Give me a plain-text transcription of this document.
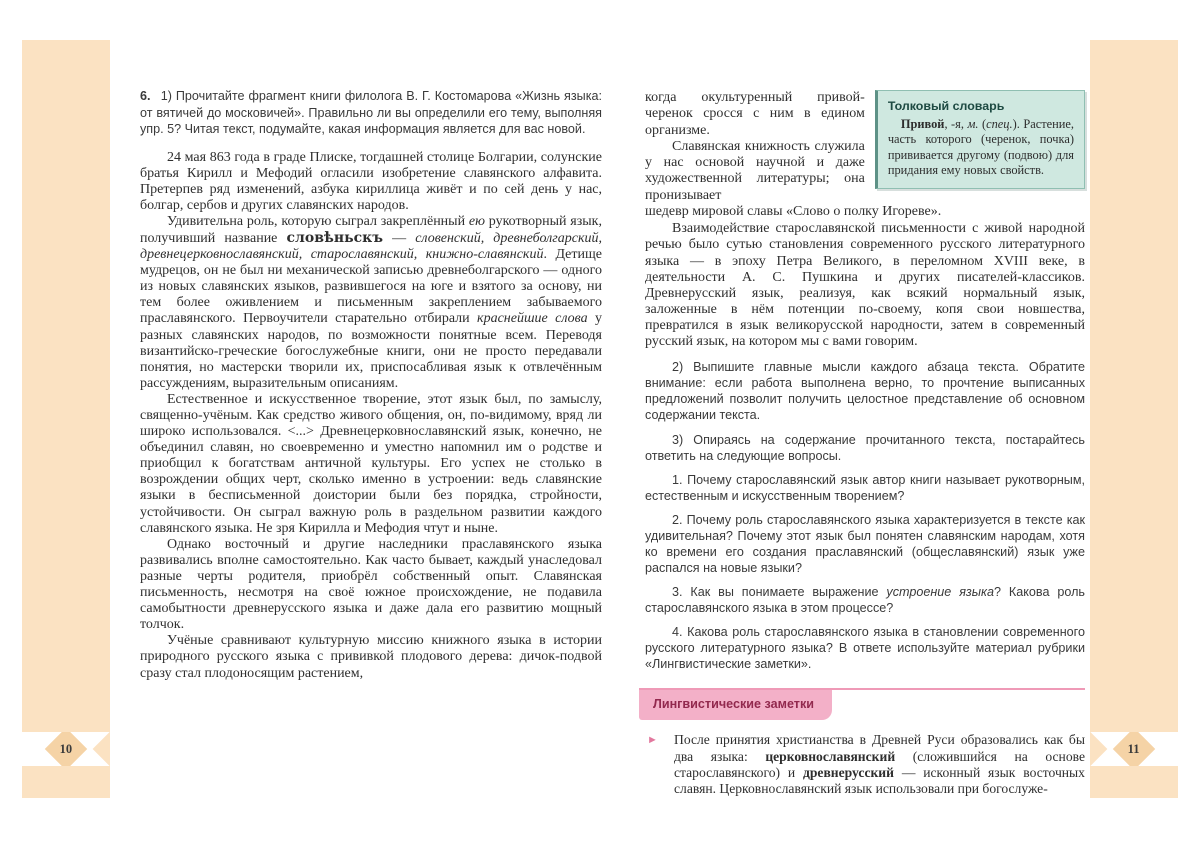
10	11

6.  1) Прочитайте фрагмент книги филолога В. Г. Костомарова «Жизнь языка: от вятичей до московичей». Правильно ли вы определили его тему, выполняя упр. 5? Читая текст, подумайте, какая информация является для вас новой.

24 мая 863 года в граде Плиске, тогдашней столице Болгарии, солунские братья Кирилл и Мефодий огласили изобретение славянского алфавита. Претерпев ряд изменений, азбука кириллица живёт и по сей день у нас, болгар, сербов и других славянских народов.

Удивительна роль, которую сыграл закреплённый ею рукотворный язык, получивший название словѣньскъ — словенский, древнеболгарский, древнецерковнославянский, старославянский, книжно-славянский. Детище мудрецов, он не был ни механической записью древнеболгарского — одного из новых славянских языков, развившегося на юге и взятого за основу, ни тем более оживлением и письменным закреплением забываемого праславянского. Первоучители старательно отбирали краснейшие слова у разных славянских народов, по возможности понятные всем. Переводя византийско-греческие богослужебные книги, они не просто передавали понятия, но мастерски творили их, приспосабливая язык к отвлечённым рассуждениям, выразительным описаниям.

Естественное и искусственное творение, этот язык был, по замыслу, священно-учёным. Как средство живого общения, он, по-видимому, вряд ли широко использовался. <...> Древнецерковнославянский язык, конечно, не объединил славян, но своевременно и уместно напомнил им о родстве и приобщил к богатствам античной культуры. Его успех не столько в возрождении общих черт, сколько именно в устроении: ведь славянские языки в бесписьменной доистории были без порядка, стройности, устойчивости. Он сыграл важную роль в раздельном развитии каждого славянского языка. Не зря Кирилла и Мефодия чтут и ныне.

Однако восточный и другие наследники праславянского языка развивались вполне самостоятельно. Как часто бывает, каждый унаследовал разные черты родителя, приобрёл собственный опыт. Славянская письменность, несмотря на своё южное происхождение, не подавила самобытности древнерусского языка и даже дала его развитию мощный толчок.

Учёные сравнивают культурную миссию книжного языка в истории природного русского языка с прививкой плодового дерева: дичок-подвой сразу стал плодоносящим растением,

когда окультуренный привой-черенок сросся с ним в едином организме.

Славянская книжность служила у нас основой научной и даже художественной литературы; она пронизывает

Толковый словарь

Привой, -я, м. (спец.). Растение, часть которого (черенок, почка) прививается другому (подвою) для придания ему новых свойств.

шедевр мировой славы «Слово о полку Игореве».

Взаимодействие старославянской письменности с живой народной речью было сутью становления современного русского литературного языка — в эпоху Петра Великого, в переломном XVIII веке, в деятельности А. С. Пушкина и других писателей-классиков. Древнерусский язык, реализуя, как всякий нормальный язык, заложенные в нём потенции по-своему, копя свои новшества, превратился в язык великорусской народности, затем в современный русский язык, на котором мы с вами говорим.

2) Выпишите главные мысли каждого абзаца текста. Обратите внимание: если работа выполнена верно, то прочтение выписанных предложений позволит получить целостное представление об основном содержании текста.

3) Опираясь на содержание прочитанного текста, постарайтесь ответить на следующие вопросы.

1. Почему старославянский язык автор книги называет рукотворным, естественным и искусственным творением?

2. Почему роль старославянского языка характеризуется в тексте как удивительная? Почему этот язык был понятен славянским народам, хотя ко времени его создания праславянский (общеславянский) язык уже распался на новые языки?

3. Как вы понимаете выражение устроение языка? Какова роль старославянского языка в этом процессе?

4. Какова роль старославянского языка в становлении современного русского литературного языка? В ответе используйте материал рубрики «Лингвистические заметки».

Лингвистические заметки
►	После принятия христианства в Древней Руси образовались как бы два языка: церковнославянский (сложившийся на основе старославянского) и древнерусский — исконный язык восточных славян. Церковнославянский язык использовали при богослуже-
